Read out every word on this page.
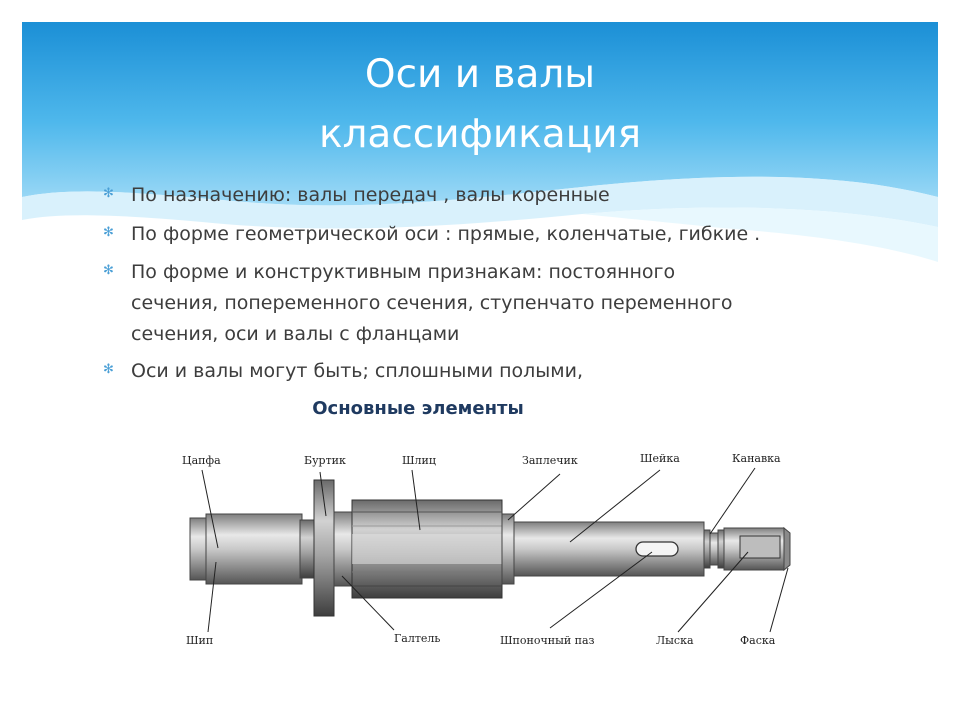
Оси и валы
классификация
✻ По назначению: валы передач , валы коренные
✻ По форме геометрической оси : прямые, коленчатые, гибкие .
✻ По форме и конструктивным признакам: постоянного
сечения, попеременного сечения, ступенчато переменного
сечения, оси и валы с фланцами
✻ Оси и валы могут быть; сплошными полыми,
Основные элементы
Цапфа	Буртик	Шлиц	Заплечик	Шейка	Канавка
Шип	Галтель	Шпоночный паз	Лыска	Фаска
